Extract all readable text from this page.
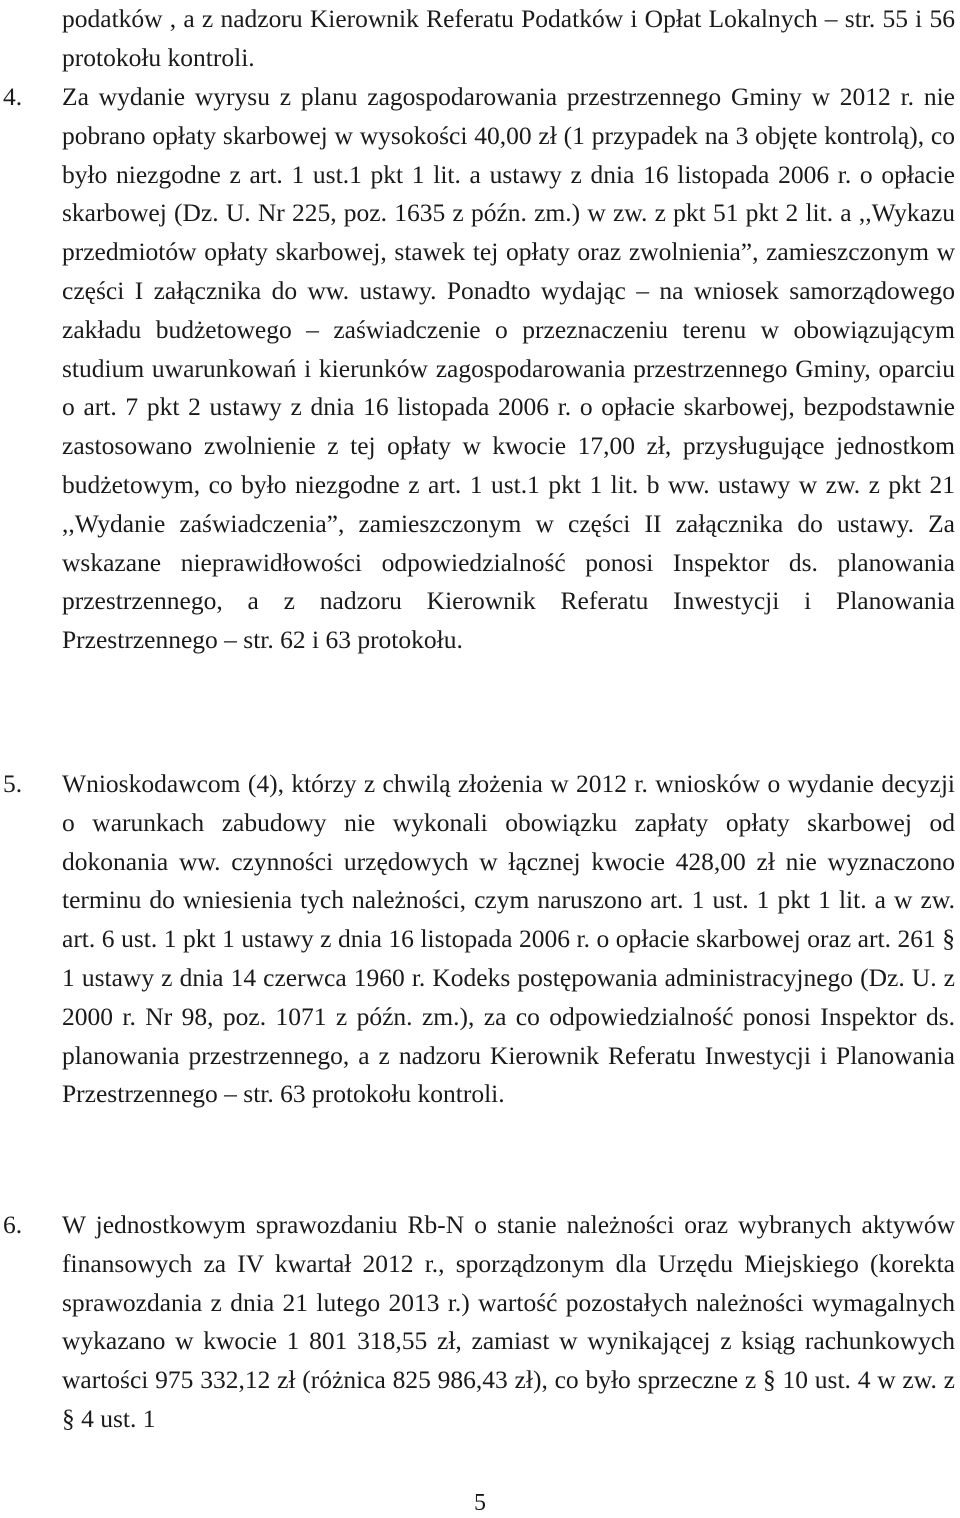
podatków , a z nadzoru Kierownik Referatu Podatków i Opłat Lokalnych – str. 55 i 56 protokołu kontroli.
4.	Za wydanie wyrysu z planu zagospodarowania przestrzennego Gminy w 2012 r. nie pobrano opłaty skarbowej w wysokości 40,00 zł (1 przypadek na 3 objęte kontrolą), co było niezgodne z art. 1 ust.1 pkt 1 lit. a ustawy z dnia 16 listopada 2006 r. o opłacie skarbowej (Dz. U. Nr 225, poz. 1635 z późn. zm.) w zw. z pkt 51 pkt 2 lit. a ,,Wykazu przedmiotów opłaty skarbowej, stawek tej opłaty oraz zwolnienia”, zamieszczonym w części I załącznika do ww. ustawy. Ponadto wydając – na wniosek samorządowego zakładu budżetowego – zaświadczenie o przeznaczeniu terenu w obowiązującym studium uwarunkowań i kierunków zagospodarowania przestrzennego Gminy, oparciu o art. 7 pkt 2 ustawy z dnia 16 listopada 2006 r. o opłacie skarbowej, bezpodstawnie zastosowano zwolnienie z tej opłaty w kwocie 17,00 zł, przysługujące jednostkom budżetowym, co było niezgodne z art. 1 ust.1 pkt 1 lit. b ww. ustawy w zw. z pkt 21 ,,Wydanie zaświadczenia”, zamieszczonym w części II załącznika do ustawy. Za wskazane nieprawidłowości odpowiedzialność ponosi Inspektor ds. planowania przestrzennego, a z nadzoru Kierownik Referatu Inwestycji i Planowania Przestrzennego – str. 62 i 63 protokołu.
5.	Wnioskodawcom (4), którzy z chwilą złożenia w 2012 r. wniosków o wydanie decyzji o warunkach zabudowy nie wykonali obowiązku zapłaty opłaty skarbowej od dokonania ww. czynności urzędowych w łącznej kwocie 428,00 zł nie wyznaczono terminu do wniesienia tych należności, czym naruszono art. 1 ust. 1 pkt 1 lit. a w zw. art. 6 ust. 1 pkt 1 ustawy z dnia 16 listopada 2006 r. o opłacie skarbowej oraz art. 261 § 1 ustawy z dnia 14 czerwca 1960 r. Kodeks postępowania administracyjnego (Dz. U. z 2000 r. Nr 98, poz. 1071 z późn. zm.), za co odpowiedzialność ponosi Inspektor ds. planowania przestrzennego, a z nadzoru Kierownik Referatu Inwestycji i Planowania Przestrzennego – str. 63 protokołu kontroli.
6.	W jednostkowym sprawozdaniu Rb-N o stanie należności oraz wybranych aktywów finansowych za IV kwartał 2012 r., sporządzonym dla Urzędu Miejskiego (korekta sprawozdania z dnia 21 lutego 2013 r.) wartość pozostałych należności wymagalnych wykazano w kwocie 1 801 318,55 zł, zamiast w wynikającej z ksiąg rachunkowych wartości 975 332,12 zł (różnica 825 986,43 zł), co było sprzeczne z § 10 ust. 4 w zw. z § 4 ust. 1
5
